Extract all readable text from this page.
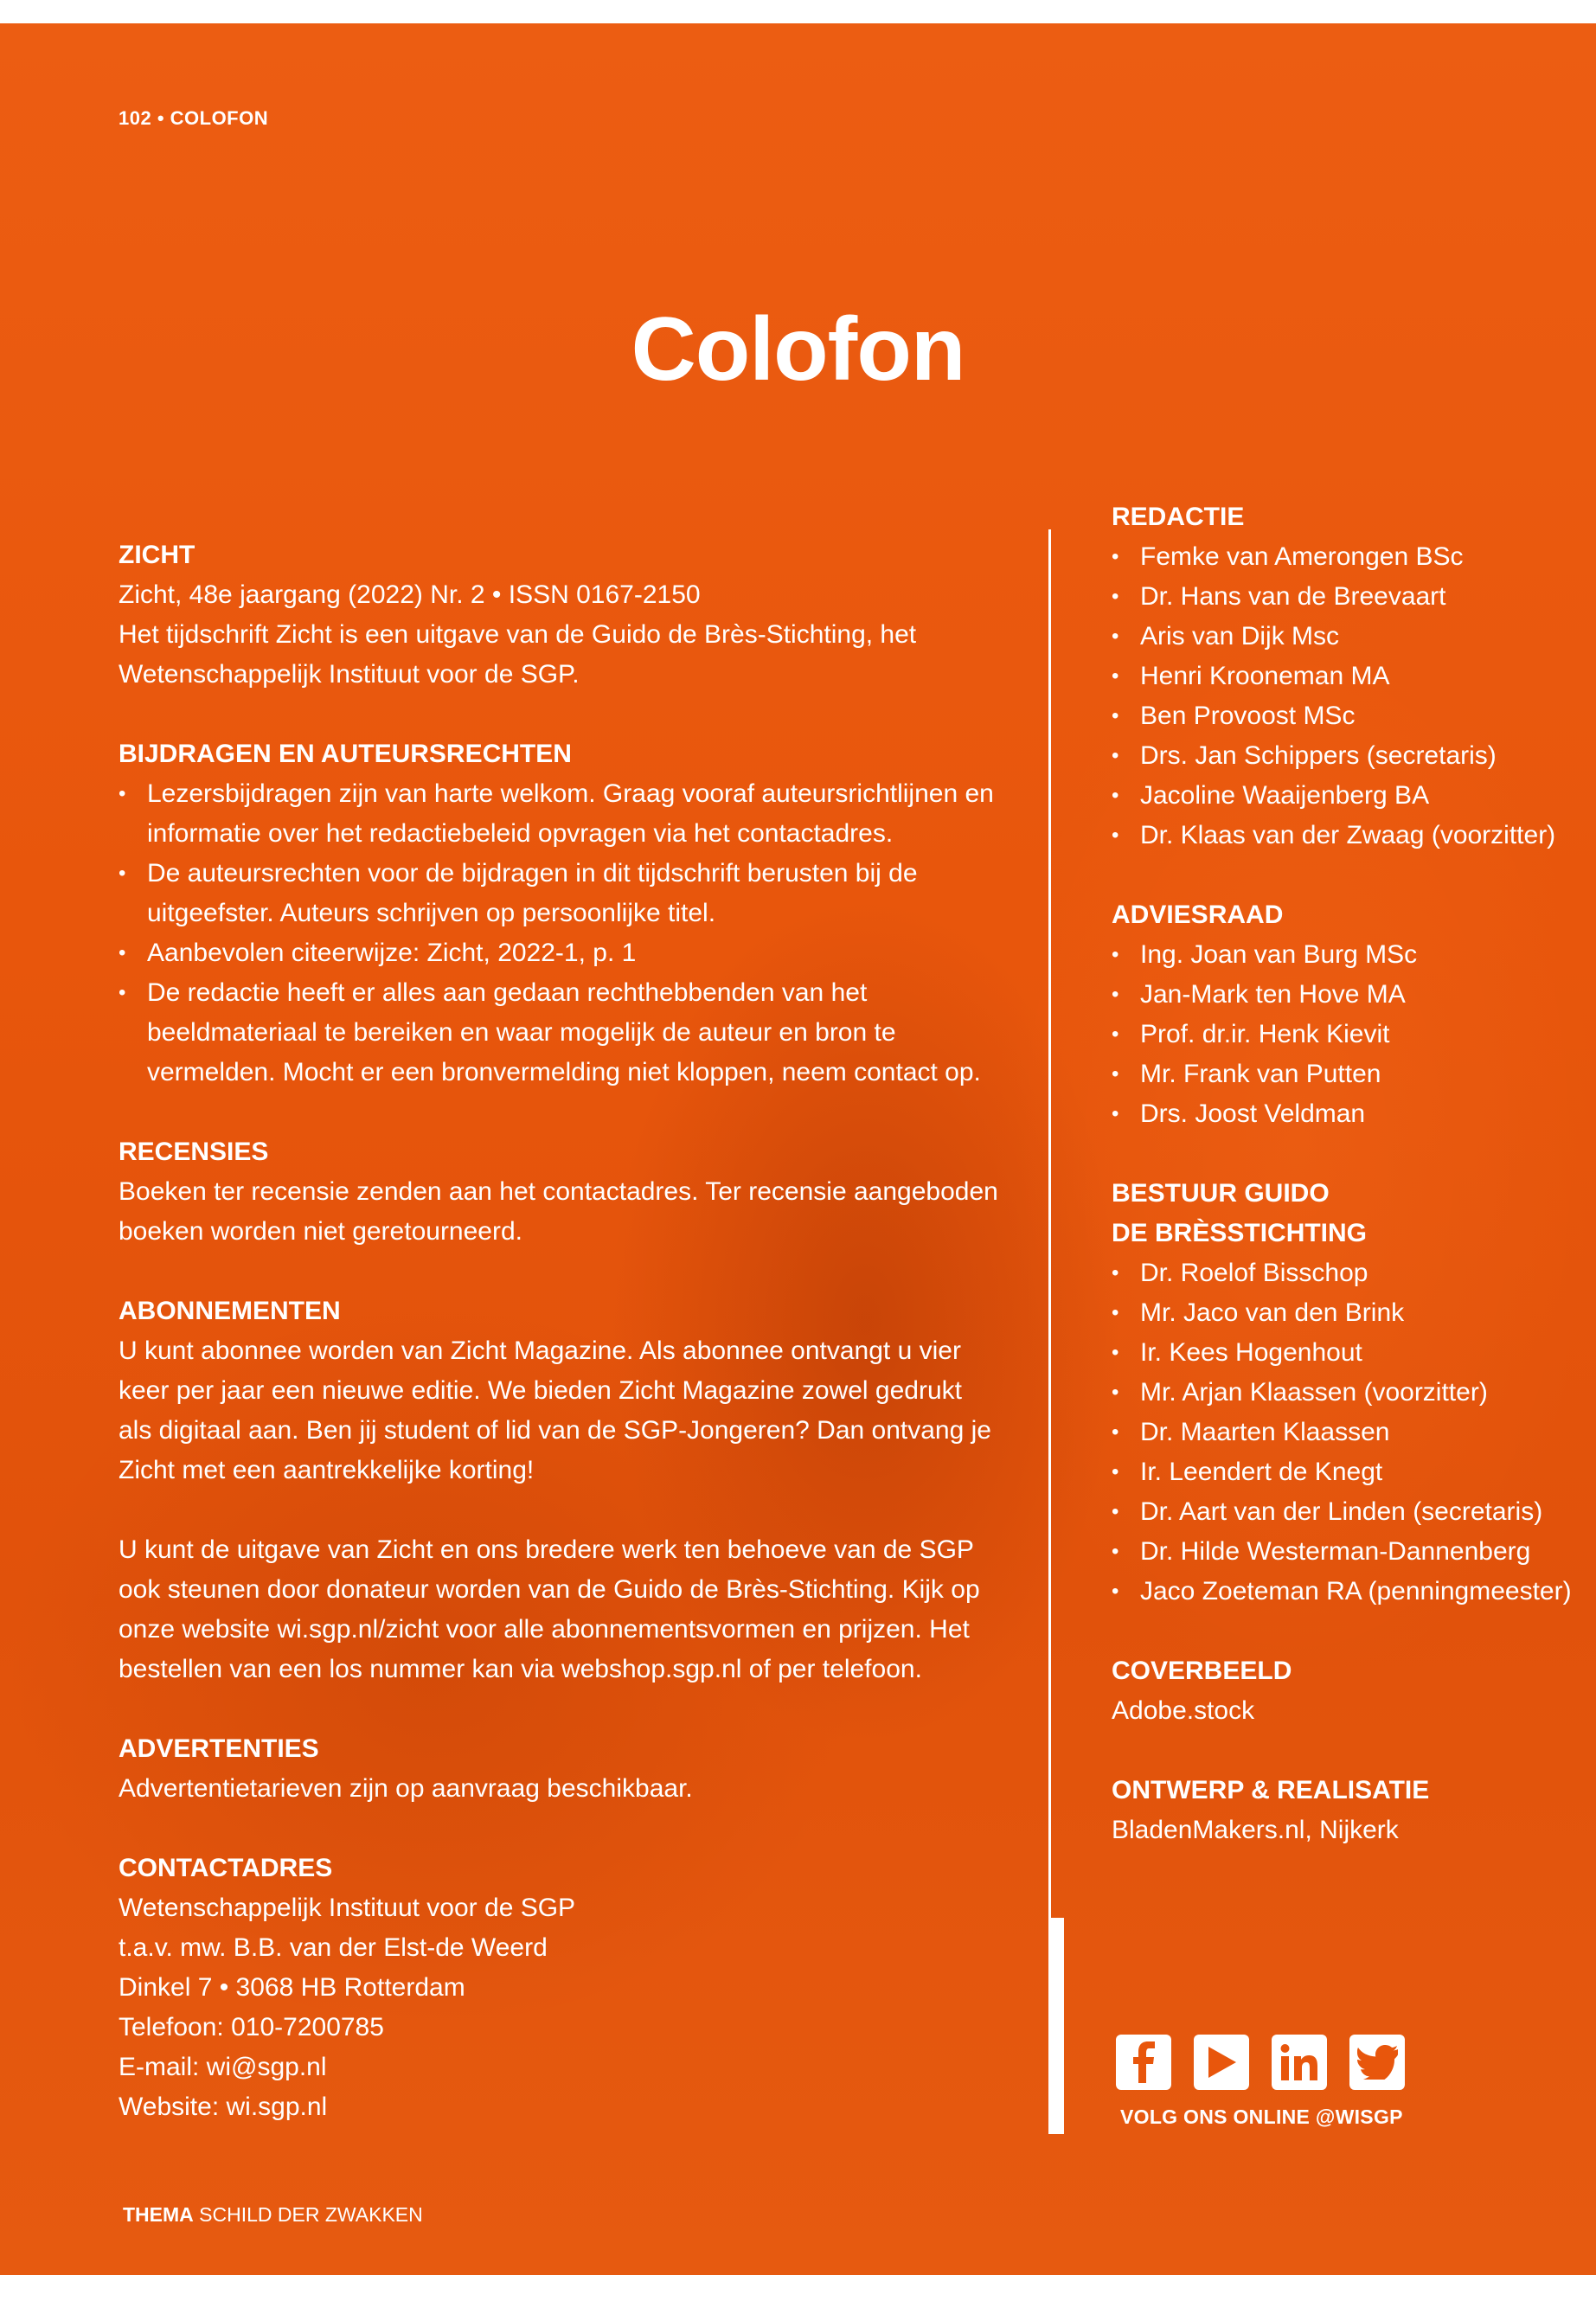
102 • COLOFON
Colofon
ZICHT
Zicht, 48e jaargang (2022) Nr. 2 • ISSN 0167-2150
Het tijdschrift Zicht is een uitgave van de Guido de Brès-Stichting, het
Wetenschappelijk Instituut voor de SGP.
BIJDRAGEN EN AUTEURSRECHTEN
• Lezersbijdragen zijn van harte welkom. Graag vooraf auteursrichtlijnen en informatie over het redactiebeleid opvragen via het contactadres.
• De auteursrechten voor de bijdragen in dit tijdschrift berusten bij de uitgeefster. Auteurs schrijven op persoonlijke titel.
• Aanbevolen citeerwijze: Zicht, 2022-1, p. 1
• De redactie heeft er alles aan gedaan rechthebbenden van het beeldmateriaal te bereiken en waar mogelijk de auteur en bron te vermelden. Mocht er een bronvermelding niet kloppen, neem contact op.
RECENSIES
Boeken ter recensie zenden aan het contactadres. Ter recensie aangeboden
boeken worden niet geretourneerd.
ABONNEMENTEN
U kunt abonnee worden van Zicht Magazine. Als abonnee ontvangt u vier
keer per jaar een nieuwe editie. We bieden Zicht Magazine zowel gedrukt
als digitaal aan. Ben jij student of lid van de SGP-Jongeren? Dan ontvang je
Zicht met een aantrekkelijke korting!
U kunt de uitgave van Zicht en ons bredere werk ten behoeve van de SGP
ook steunen door donateur worden van de Guido de Brès-Stichting. Kijk op
onze website wi.sgp.nl/zicht voor alle abonnementsvormen en prijzen. Het
bestellen van een los nummer kan via webshop.sgp.nl of per telefoon.
ADVERTENTIES
Advertentietarieven zijn op aanvraag beschikbaar.
CONTACTADRES
Wetenschappelijk Instituut voor de SGP
t.a.v. mw. B.B. van der Elst-de Weerd
Dinkel 7 • 3068 HB Rotterdam
Telefoon: 010-7200785
E-mail: wi@sgp.nl
Website: wi.sgp.nl
REDACTIE
• Femke van Amerongen BSc
• Dr. Hans van de Breevaart
• Aris van Dijk Msc
• Henri Krooneman MA
• Ben Provoost MSc
• Drs. Jan Schippers (secretaris)
• Jacoline Waaijenberg BA
• Dr. Klaas van der Zwaag (voorzitter)
ADVIESRAAD
• Ing. Joan van Burg MSc
• Jan-Mark ten Hove MA
• Prof. dr.ir. Henk Kievit
• Mr. Frank van Putten
• Drs. Joost Veldman
BESTUUR GUIDO
DE BRÈSSTICHTING
• Dr. Roelof Bisschop
• Mr. Jaco van den Brink
• Ir. Kees Hogenhout
• Mr. Arjan Klaassen (voorzitter)
• Dr. Maarten Klaassen
• Ir. Leendert de Knegt
• Dr. Aart van der Linden (secretaris)
• Dr. Hilde Westerman-Dannenberg
• Jaco Zoeteman RA (penningmeester)
COVERBEELD
Adobe.stock
ONTWERP & REALISATIE
BladenMakers.nl, Nijkerk
VOLG ONS ONLINE @WISGP
THEMA SCHILD DER ZWAKKEN
